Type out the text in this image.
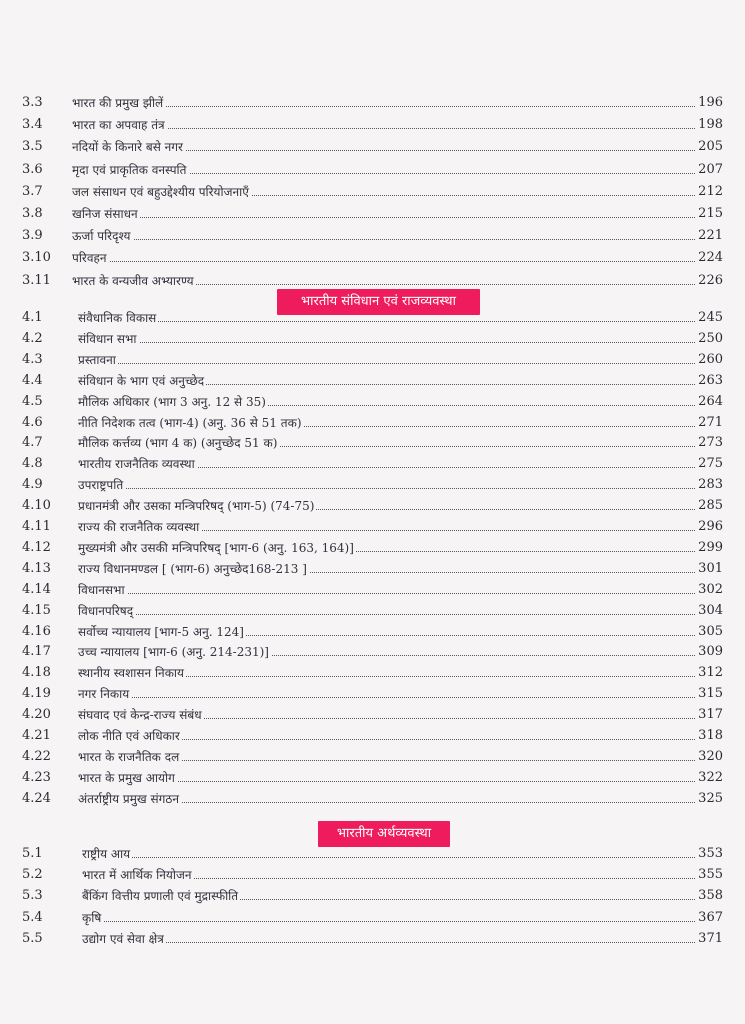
3.3 भारत की प्रमुख झीलें	196
3.4 भारत का अपवाह तंत्र	198
3.5 नदियों के किनारे बसे नगर	205
3.6 मृदा एवं प्राकृतिक वनस्पति	207
3.7 जल संसाधन एवं बहुउद्देश्यीय परियोजनाएँ	212
3.8 खनिज संसाधन	215
3.9 ऊर्जा परिदृश्य	221
3.10 परिवहन	224
3.11 भारत के वन्यजीव अभ्यारण्य	226
भारतीय संविधान एवं राजव्यवस्था
4.1	संवैधानिक विकास	245
4.2	संविधान सभा	250
4.3	प्रस्तावना	260
4.4	संविधान के भाग एवं अनुच्छेद	263
4.5	मौलिक अधिकार (भाग 3 अनु. 12 से 35)	264
4.6	नीति निदेशक तत्व (भाग-4) (अनु. 36 से 51 तक)	271
4.7	मौलिक कर्त्तव्य (भाग 4 क) (अनुच्छेद 51 क)	273
4.8	भारतीय राजनैतिक व्यवस्था	275
4.9	उपराष्ट्रपति	283
4.10 प्रधानमंत्री और उसका मन्त्रिपरिषद् (भाग-5) (74-75)	285
4.11 राज्य की राजनैतिक व्यवस्था	296
4.12 मुख्यमंत्री और उसकी मन्त्रिपरिषद् [भाग-6 (अनु. 163, 164)]	299
4.13 राज्य विधानमण्डल [ (भाग-6) अनुच्छेद168-213 ]	301
4.14 विधानसभा	302
4.15 विधानपरिषद्	304
4.16 सर्वोच्च न्यायालय [भाग-5 अनु. 124]	305
4.17 उच्च न्यायालय [भाग-6 (अनु. 214-231)]	309
4.18 स्थानीय स्वशासन निकाय	312
4.19 नगर निकाय	315
4.20 संघवाद एवं केन्द्र-राज्य संबंध	317
4.21 लोक नीति एवं अधिकार	318
4.22 भारत के राजनैतिक दल	320
4.23 भारत के प्रमुख आयोग	322
4.24 अंतर्राष्ट्रीय प्रमुख संगठन	325
भारतीय अर्थव्यवस्था
5.1	राष्ट्रीय आय	353
5.2	भारत में आर्थिक नियोजन	355
5.3	बैंकिंग वित्तीय प्रणाली एवं मुद्रास्फीति	358
5.4	कृषि	367
5.5	उद्योग एवं सेवा क्षेत्र	371
